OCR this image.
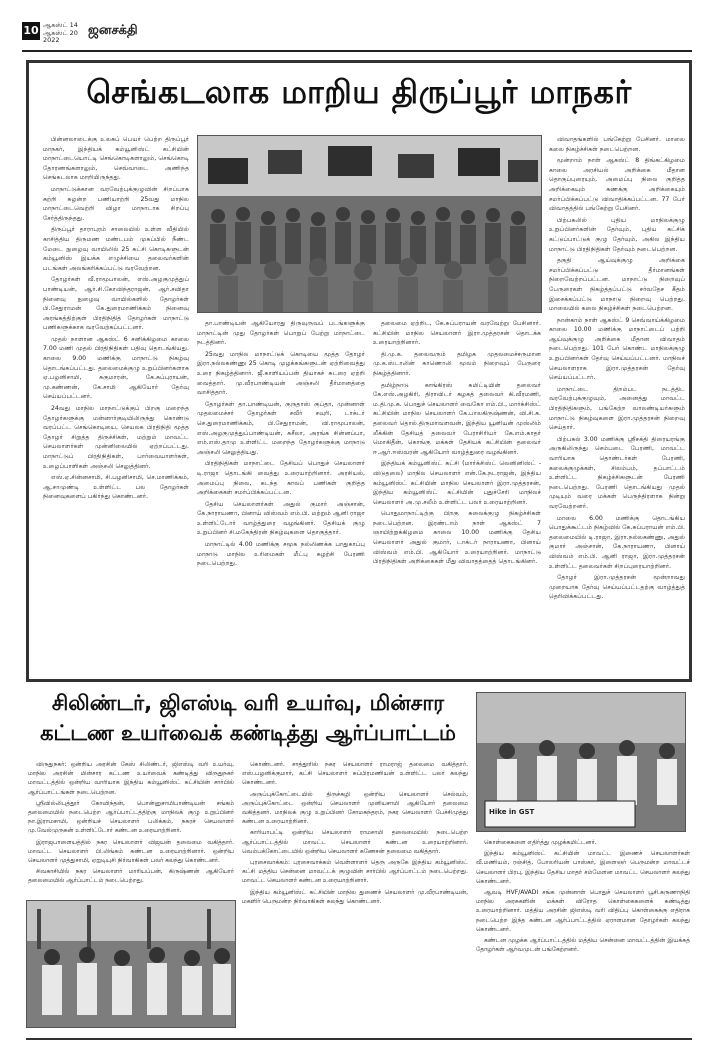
10 ஆகஸ்ட் 14
ஆகஸ்ட் 20
2022
ஜனசக்தி
செங்கடலாக மாறிய திருப்பூர் மாநகர்

பின்னலாடைக்கு உலகப் பெயர் பெற்ற திருப்பூர் மாநகர், இந்தியக் கம்யூனிஸ்ட் கட்சியின் மாநாட்டையொட்டி செங்கொடிகளாலும், செங்கொடி தோரணங்களாலும், செவ்வாடை அணிந்த செங்கடலாக மாறியிருந்தது.

மாநாட்டுக்கான வரவேற்புக்குழுவின் சிறப்பாக சுற்றி சுழன்ற பணியாற்றி 25வது மாநில மாநாட்டைவெற்றி விழா மாநாடாக சிறப்பு சேர்த்திருந்தது.

திருப்பூர் தாராபுரம் சாலையில் உள்ள வீதியில் காசித்திய திருமண மண்டபம் முகப்பில் நீண்ட மேடை நுழைவு வாயிலில் 25 கட்சி கொடிகளுடன் கம்யூனிஸ் இயக்க எழுச்சியை தலைவர்களின் படங்கள் அலங்கரிக்கப்பட்டு வரவேற்றன.

தோழர்கள் வீ.ராமூபாலன், எஸ்.அழகுமுத்துப் பாண்டியன், ஆர்.சி.கோவிந்தராஜன், ஆர்.சவிதா நினைவு நுழைவு வாயில்களில் தோழர்கள் பி.சேதுராமன் கே.துரைமாணிக்கம் நினைவு அரங்கத்திற்குள் பிரதிநிதித் தோழர்கள் மாநாட்டு பணிகளுக்காக வரவேற்கப்பட்டனர்.

முதல் நாளான ஆகஸ்ட் 6 சனிக்கிழமை காலை 7.00 மணி முதல் பிரதிநிதிகள் பதிவு தொடங்கியது. காலை 9.00 மணிக்கு மாநாட்டு நிகழ்வு தொடங்கப்பட்டது. தலைமைக்குழு உறுப்பினர்களாக ஏ.பழனிசாமி, சுகுமாரன், கே.சுப்புராயன், மு.கண்ணன், கே.சாமி ஆகியோர் தேர்வு செய்யப்பட்டனர்.

24வது மாநில மாநாட்டுக்குப் பிறகு மறைந்த தோழர்களுக்கு மன்னார்குடியிலிருந்து கொண்டு வரப்பட்ட செங்கொடியை, செயலக பிரதிநிதி மூத்த தோழர் சிறுத்த திருச்சிகள், மற்றும் மாவட்ட செயலாளர்கள் முன்னிலையில் ஏற்றப்பட்டது. மாநாட்டுப் பிரதிநிதிகள், பார்வையாளர்கள், உழைப்பாளிகள் அஞ்சலி செலுத்தினர்.

எஸ்.ஏ.சின்னசாமி, சி.பழனிசாமி, செ.மாணிக்கம், ஆ.சாமுண்டி உள்ளிட்ட பல தோழர்கள் நினைவுகளைப் பகிர்ந்து கொண்டனர்.

தா.பாண்டியன் ஆகியோரது திருவுருவப் படங்களுக்கு மாநாட்டின் முது தோழர்கள் பொறுப் பேற்று மாநாட்டை நடத்தினர்.

25வது மாநில மாநாட்டுக் கொடியை மூத்த தோழர் இரா.நல்லகண்ணு 25 கொடி முழக்கங்களுடன் ஏற்றிவைத்து உரை நிகழ்த்தினார். ஜீ.காளியப்பன் தியாகச் சுடரை ஏற்றி வைத்தார். மு.வீரபாண்டியன் அஞ்சலி தீர்மானத்தை வாசித்தார்.

தோழர்கள் தா.பாண்டியன், குருதாஸ் குப்தா, முன்னாள் முதலமைச்சர் தோழர்கள் சவீர் சவுரி, டாக்டர் செ.துரைமாணிக்கம், பி.சேதுராமன், வி.ராமூபாலன், எஸ்.அழகுமுத்துப்பாண்டியன், சுசீலா, அரங்க சின்னப்பா, எம்.எஸ்.தாமு உள்ளிட்ட மறைந்த தோழர்களுக்கு மாநாடு அஞ்சலி செலுத்தியது.

பிரதிநிதிகள் மாநாட்டை தேசியப் பொதுச் செயலாளர் டி.ராஜா தொடங்கி வைத்து உரையாற்றினார். அரசியல், அமைப்பு நிலை, கடந்த காலப் பணிகள் குறித்த அறிக்கைகள் சமர்ப்பிக்கப்பட்டன.

தேசிய செயலாளர்கள் அதுல் குமார் அஞ்சான், கே.நாராயணா, பினாய் விஸ்வம் எம்.பி. மற்றும் ஆனி ராஜா உள்ளிட்டோர் வாழ்த்துரை வழங்கினர். தேசியக் குழு உறுப்பினர் சி.மகேந்திரன் நிகழ்வுகளை தொகுத்தார்.

மாநாட்டில் 4.00 மணிக்கு சமூக நல்லிணக்க பாதுகாப்பு மாநாடு மாநில உரிமைகள் மீட்பு சுழற்சி பேரணி நடைபெற்றது.

தலைமை ஏற்றிட, கே.சுப்பராயன் வரவேற்று பேசினார். கட்சியின் மாநில செயலாளர் இரா.முத்தரசன் தொடக்க உரையாற்றினார்.

தி.மு.க. தலைவரும் தமிழக முதலமைச்சருமான மு.க.ஸ்டாலின் காணொலி மூலம் நிறைவுப் பேருரை நிகழ்த்தினார்.

தமிழ்நாடு காங்கிரஸ் கமிட்டியின் தலைவர் கே.எஸ்.அழகிரி, திராவிடர் கழகத் தலைவர் கி.வீரமணி, ம.தி.மு.க. பொதுச் செயலாளர் வைகோ எம்.பி., மார்க்சிஸ்ட் கட்சியின் மாநில செயலாளர் கே.பாலகிருஷ்ணன், வி.சி.க. தலைவர் தொல்.திருமாவளவன், இந்திய யூனியன் முஸ்லிம் லீக்கின் தேசியத் தலைவர் பேராசிரியர் கே.எம்.காதர் மொகிதீன், கொங்கு மக்கள் தேசியக் கட்சியின் தலைவர் ஈ.ஆர்.ஈஸ்வரன் ஆகியோர் வாழ்த்துரை வழங்கினர்.

இந்தியக் கம்யூனிஸ்ட் கட்சி (மார்க்சிஸ்ட் லெனினிஸ்ட் - விடுதலை) மாநில செயலாளர் என்.கே.நடராஜன், இந்திய கம்யூனிஸ்ட் கட்சியின் மாநில செயலாளர் இரா.முத்தரசன், இந்திய கம்யூனிஸ்ட் கட்சியின் புதுச்சேரி மாநிலச் செயலாளர் அ.மு.சலீம் உள்ளிட்ட பலர் உரையாற்றினர்.

பொதுமாநாட்டிற்கு பிறகு கலைக்குழு நிகழ்ச்சிகள் நடைபெற்றன. இரண்டாம் நாள் ஆகஸ்ட் 7 ஞாயிற்றுக்கிழமை காலை 10.00 மணிக்கு தேசிய செயலாளர் அதுல் குமார், டாக்டர் நாராயணா, பினாய் விஸ்வம் எம்.பி. ஆகியோர் உரையாற்றினர். மாநாட்டு பிரதிநிதிகள் அறிக்கைகள் மீது விவாதத்தைத் தொடங்கினர்.

விவாதங்களில் பங்கேற்று பேசினர். மாலை கலை நிகழ்ச்சிகள் நடைபெற்றன.

மூன்றாம் நாள் ஆகஸ்ட் 8 திங்கட்கிழமை காலை அரசியல் அறிக்கை மீதான தொகுப்புரையும், அமைப்பு நிலை குறித்த அறிக்கையும் கணக்கு அறிக்கையும் சமர்ப்பிக்கப்பட்டு விவாதிக்கப்பட்டன. 77 பேர் விவாதத்தில் பங்கேற்று பேசினர்.

பிற்பகலில் புதிய மாநிலக்குழு உறுப்பினர்களின் தேர்வும், புதிய கட்சிக் கட்டுப்பாட்டுக் குழு தேர்வும், அகில இந்திய மாநாட்டு பிரதிநிதிகள் தேர்வும் நடைபெற்றன.

தகுதி ஆய்வுக்குழு அறிக்கை சமர்ப்பிக்கப்பட்டு தீர்மானங்கள் நிறைவேற்றப்பட்டன. மாநாட்டு நிறைவுப் பேருரைகள் நிகழ்த்தப்பட்டு சர்வதேச கீதம் இசைக்கப்பட்டு மாநாடு நிறைவு பெற்றது. மாலையில் கலை நிகழ்ச்சிகள் நடைபெற்றன.

நான்காம் நாள் ஆகஸ்ட் 9 செவ்வாய்க்கிழமை காலை 10.00 மணிக்கு மாநாட்டைப் பற்றி ஆய்வுக்குழு அறிக்கை மீதான விவாதம் நடைபெற்றது. 101 பேர் கொண்ட மாநிலக்குழு உறுப்பினர்கள் தேர்வு செய்யப்பட்டனர். மாநிலச் செயலாளராக இரா.முத்தரசன் தேர்வு செய்யப்பட்டார்.

மாநாட்டை திறம்பட நடத்திட வரவேற்புக்குழுவும், அனைத்து மாவட்ட பிரதிநிதிகளும், பங்கேற்ற வாலண்டியர்களும் மாநாட்டு நிகழ்வுகளை இரா.முத்தரசன் நிறைவு செய்தார்.

பிற்பகல் 3.00 மணிக்கு ஸ்ரீசக்தி திரையரங்கு அருகிலிருந்து செம்படை பேரணி, மாவட்ட வாரியாக தொண்டர்கள் பேரணி, கலைக்குழுக்கள், சிலம்பம், தப்பாட்டம் உள்ளிட்ட நிகழ்ச்சிகளுடன் பேரணி நடைபெற்றது. பேரணி தொடங்கியது முதல் முடியும் வரை மக்கள் பெருந்திரளாக நின்று வரவேற்றனர்.

மாலை 6.00 மணிக்கு தொடங்கிய பொதுக்கூட்டம் நிகழ்வில் கே.சுப்பராயன் எம்.பி. தலைமையில் டி.ராஜா, இரா.நல்லகண்ணு, அதுல் குமார் அஞ்சான், கே.நாராயணா, பினாய் விஸ்வம் எம்.பி. ஆனி ராஜா, இரா.முத்தரசன் உள்ளிட்ட தலைவர்கள் சிறப்புரையாற்றினர்.

தோழர் இரா.முத்தரசன் மூன்றாவது முறையாக தேர்வு செய்யப்பட்டதற்கு வாழ்த்துத் தெரிவிக்கப்பட்டது.

சிலிண்டர், ஜிஎஸ்டி வரி உயர்வு, மின்சார
கட்டண உயர்வைக் கண்டித்து ஆர்ப்பாட்டம்
Hike in GST

விருதுநகர்: ஒன்றிய அரசின் கேஸ் சிலிண்டர், ஜிஎஸ்டி வரி உயர்வு, மாநில அரசின் மின்சார கட்டண உயர்வைக் கண்டித்து விருதுநகர் மாவட்டத்தில் ஒன்றிய வாரியாக இந்திய கம்யூனிஸ்ட் கட்சியின் சார்பில் ஆர்ப்பாட்டங்கள் நடைபெற்றன.

ஸ்ரீவில்லிபுத்தூர் கோவிந்தன், பொன்னுசாமிபாண்டியன் சங்கம் தலைமையில் நடைபெற்ற ஆர்ப்பாட்டத்திற்கு மாநிலக் குழு உறுப்பினர் நா.இராமசாமி, ஒன்றியச் செயலாளர் பலிக்கம், நகரச் செயலாளர் மு.வேல்முருகன் உள்ளிட்டோர் கண்டன உரையாற்றினர்.

இராஜபாளையத்தில் நகர செயலாளர் விஜயன் தலைமை வகித்தார். மாவட்ட செயலாளர் பி.லிங்கம் கண்டன உரையாற்றினார். ஒன்றிய செயலாளர் முத்துசாமி, ஏஐடியுசி நிர்வாகிகள் பலர் கலந்து கொண்டனர்.

சிவகாசியில் நகர செயலாளர் மாரியப்பன், கிருஷ்ணன் ஆகியோர் தலைமையில் ஆர்ப்பாட்டம் நடைபெற்றது.

கொண்டனர். சாத்தூரில் நகர செயலாளர் ராமராஜ் தலைமை வகித்தார். எஸ்.பழனிக்குமார், கட்சி செயலாளர் சுப்பிரமணியன் உள்ளிட்ட பலர் கலந்து கொண்டனர்.

அருப்புக்கோட்டையில் திருச்சுழி ஒன்றிய செயலாளர் செல்வம், அருப்புக்கோட்டை ஒன்றிய செயலாளர் முனியசாமி ஆகியோர் தலைமை வகித்தனர். மாநிலக் குழு உறுப்பினர் சோமசுந்தரம், நகர செயலாளர் பேச்சிமுத்து கண்டன உரையாற்றினர்.

காரியாபட்டி ஒன்றிய செயலாளர் ராமசாமி தலைமையில் நடைபெற்ற ஆர்ப்பாட்டத்தில் மாவட்ட செயலாளர் கண்டன உரையாற்றினார். வெம்பக்கோட்டையில் ஒன்றிய செயலாளர் கணேசன் தலைமை வகித்தார்.

புரசைவாக்கம்: புரசைவாக்கம் வெள்ளாளர் தெரு அருகே இந்திய கம்யூனிஸ்ட் கட்சி மத்திய சென்னை மாவட்டக் குழுவின் சார்பில் ஆர்ப்பாட்டம் நடைபெற்றது. மாவட்ட செயலாளர் கண்டன உரையாற்றினார்.

இந்திய கம்யூனிஸ்ட் கட்சியின் மாநில துணைச் செயலாளர் மு.வீரபாண்டியன், மகளிர் பெருமன்ற நிர்வாகிகள் கலந்து கொண்டனர்.

கொள்கைகளை எதிர்த்து முழக்கமிட்டனர்.

இந்திய கம்யூனிஸ்ட் கட்சியின் மாவட்ட இணைச் செயலாளர்கள் வீ.மணியம், ரஞ்சித், போலரியன் பாஸ்கர், இளைஞர் பெருமன்ற மாவட்டச் செயலாளர் பிரபு, இந்திய தேசிய மாதர் சம்மேளன மாவட்ட செயலாளர் கலந்து கொண்டனர்.

ஆவடி HVF/AVADI சங்க முன்னாள் பொதுச் செயலாளர் பூசி.கருணாநிதி மாநில அரசுகளின் மக்கள் விரோத கொள்கைகளைக் கண்டித்து உரையாற்றினார். மத்திய அரசின் ஜிஎஸ்டி வரி விதிப்பு கொள்கைக்கு எதிராக நடைபெற்ற இந்த கண்டன ஆர்ப்பாட்டத்தில் ஏராளமான தோழர்கள் கலந்து கொண்டனர்.

கண்டன முழக்க ஆர்ப்பாட்டத்தில் மத்திய சென்னை மாவட்டத்தின் இயக்கத் தோழர்கள் ஆர்வமுடன் பங்கேற்றனர்.
